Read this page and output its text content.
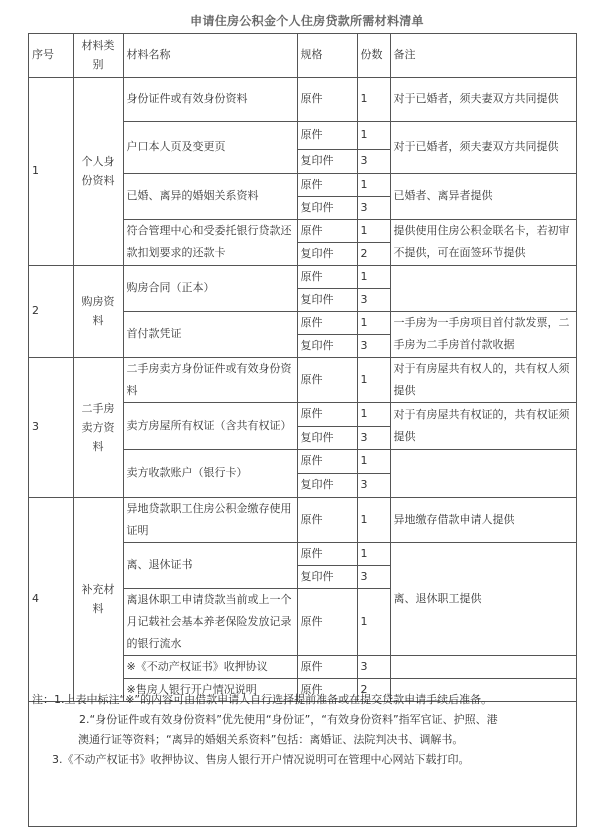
申请住房公积金个人住房贷款所需材料清单
序号	材料类别	材料名称	规格	份数	备注
1	个人身份资料	身份证件或有效身份资料	原件	1	对于已婚者，须夫妻双方共同提供
		户口本人页及变更页	原件	1	对于已婚者，须夫妻双方共同提供
			复印件	3	
		已婚、离异的婚姻关系资料	原件	1	已婚者、离异者提供
			复印件	3	
		符合管理中心和受委托银行贷款还款扣划要求的还款卡	原件	1	提供使用住房公积金联名卡，若初审不提供，可在面签环节提供
			复印件	2	
2	购房资料	购房合同（正本）	原件	1	
			复印件	3	
		首付款凭证	原件	1	一手房为一手房项目首付款发票，二手房为二手房首付款收据
			复印件	3	
3	二手房卖方资料	二手房卖方身份证件或有效身份资料	原件	1	对于有房屋共有权人的，共有权人须提供
		卖方房屋所有权证（含共有权证）	原件	1	对于有房屋共有权证的，共有权证须提供
			复印件	3	
		卖方收款账户（银行卡）	原件	1	
			复印件	3	
4	补充材料	异地贷款职工住房公积金缴存使用证明	原件	1	异地缴存借款申请人提供
		离、退休证书	原件	1	离、退休职工提供
			复印件	3	
		离退休职工申请贷款当前或上一个月记载社会基本养老保险发放记录的银行流水	原件	1	
		※《不动产权证书》收押协议	原件	3	
		※售房人银行开户情况说明	原件	2	

注：1.上表中标注“※”的内容可由借款申请人自行选择提前准备或在提交贷款申请手续后准备。

2.“身份证件或有效身份资料”优先使用“身份证”，“有效身份资料”指军官证、护照、港

澳通行证等资料；“离异的婚姻关系资料”包括：离婚证、法院判决书、调解书。

3.《不动产权证书》收押协议、售房人银行开户情况说明可在管理中心网站下载打印。
